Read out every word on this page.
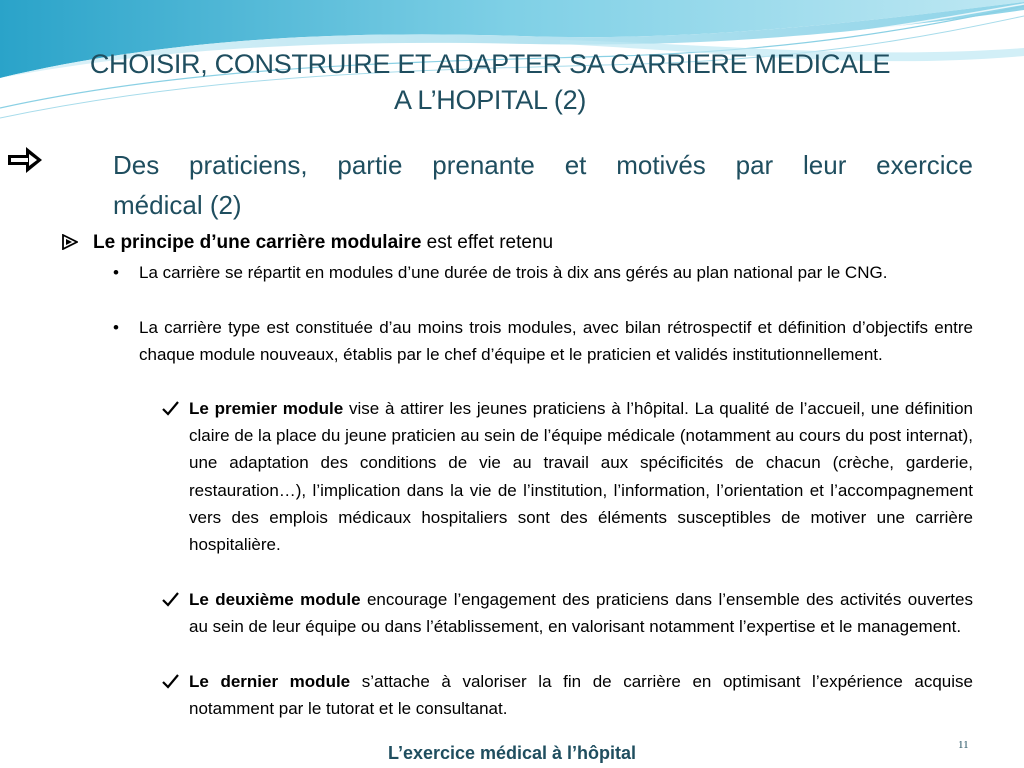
CHOISIR, CONSTRUIRE ET ADAPTER SA CARRIERE MEDICALE
A L’HOPITAL (2)
Des praticiens, partie prenante et motivés par leur exercice
médical (2)
Le principe d’une carrière modulaire est effet retenu
• La carrière se répartit en modules d’une durée de trois à dix ans gérés au plan national par le CNG.
• La carrière type est constituée d’au moins trois modules, avec bilan rétrospectif et définition d’objectifs entre chaque module nouveaux, établis par le chef d’équipe et le praticien et validés institutionnellement.
Le premier module vise à attirer les jeunes praticiens à l’hôpital. La qualité de l’accueil, une définition claire de la place du jeune praticien au sein de l’équipe médicale (notamment au cours du post internat), une adaptation des conditions de vie au travail aux spécificités de chacun (crèche, garderie, restauration…), l’implication dans la vie de l’institution, l’information, l’orientation et l’accompagnement vers des emplois médicaux hospitaliers sont des éléments susceptibles de motiver une carrière hospitalière.
Le deuxième module encourage l’engagement des praticiens dans l’ensemble des activités ouvertes au sein de leur équipe ou dans l’établissement, en valorisant notamment l’expertise et le management.
Le dernier module s’attache à valoriser la fin de carrière en optimisant l’expérience acquise notamment par le tutorat et le consultanat.
L’exercice médical à l’hôpital	11
